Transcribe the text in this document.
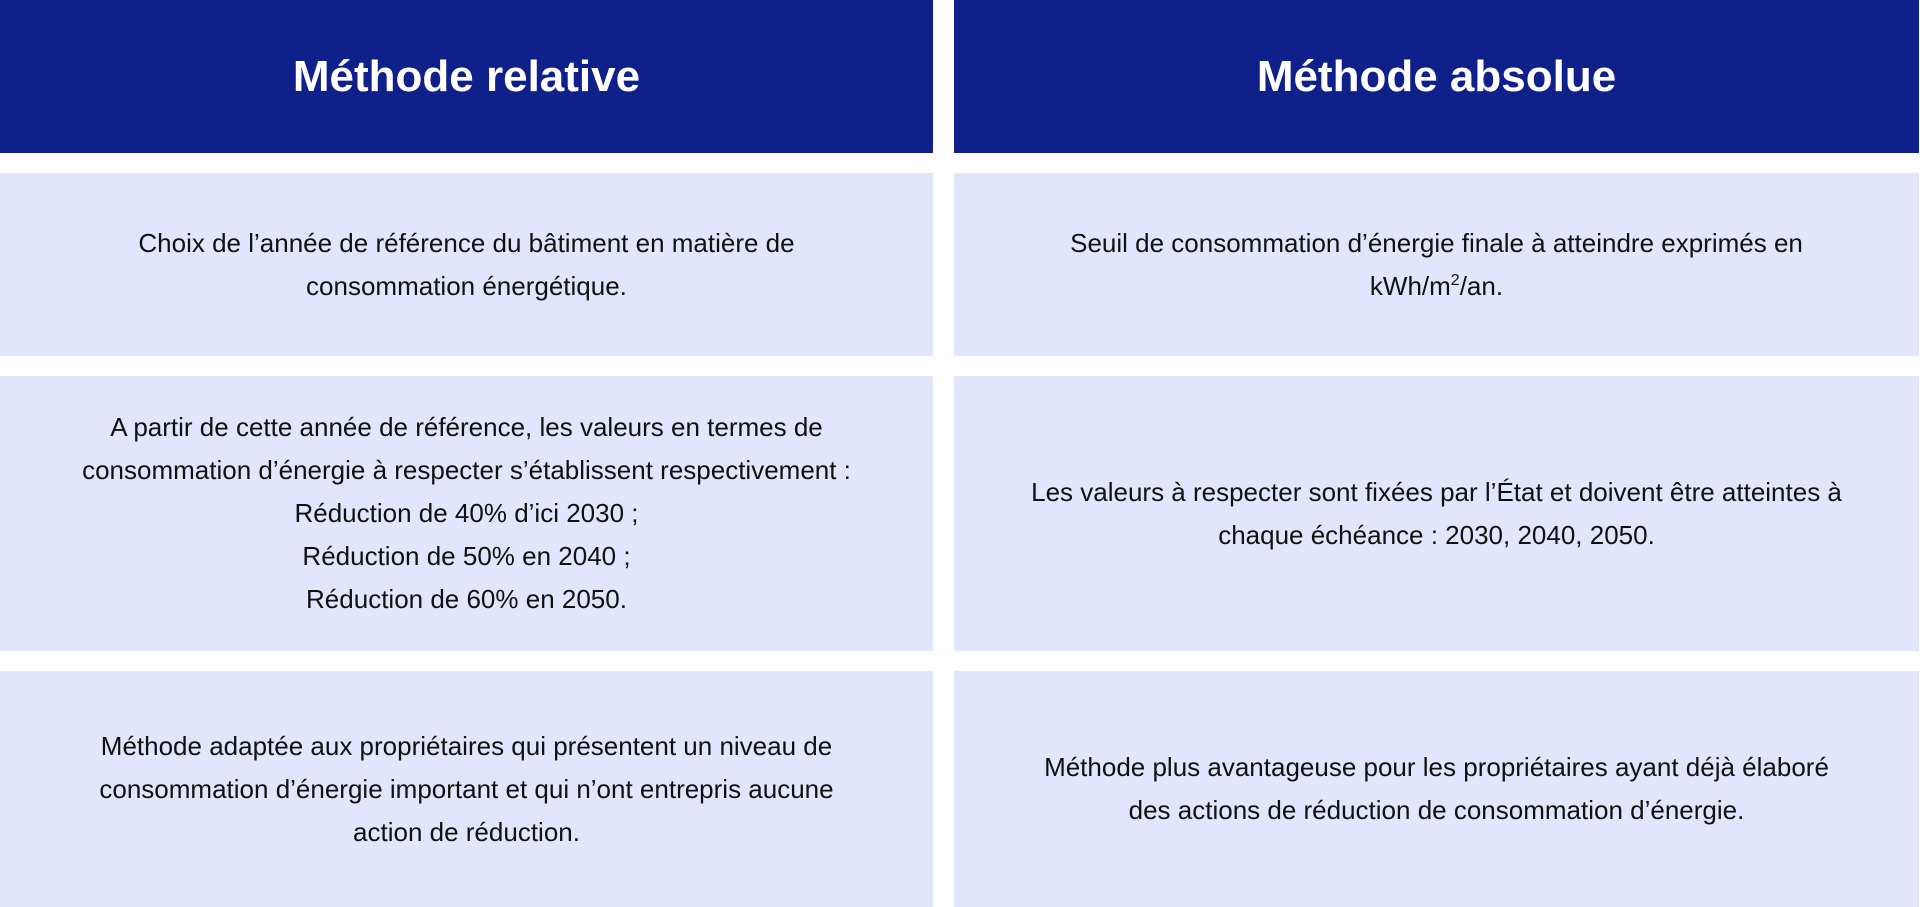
Méthode relative	Méthode absolue
Choix de l’année de référence du bâtiment en matière de
consommation énergétique.
Seuil de consommation d’énergie finale à atteindre exprimés en
kWh/$m^2/an$.
A partir de cette année de référence, les valeurs en termes de
consommation d’énergie à respecter s’établissent respectivement :
Réduction de 40% d’ici 2030 ;
Réduction de 50% en 2040 ;
Réduction de 60% en 2050.
Les valeurs à respecter sont fixées par l’État et doivent être atteintes à
chaque échéance : 2030, 2040, 2050.
Méthode adaptée aux propriétaires qui présentent un niveau de
consommation d’énergie important et qui n’ont entrepris aucune
action de réduction.
Méthode plus avantageuse pour les propriétaires ayant déjà élaboré
des actions de réduction de consommation d’énergie.
